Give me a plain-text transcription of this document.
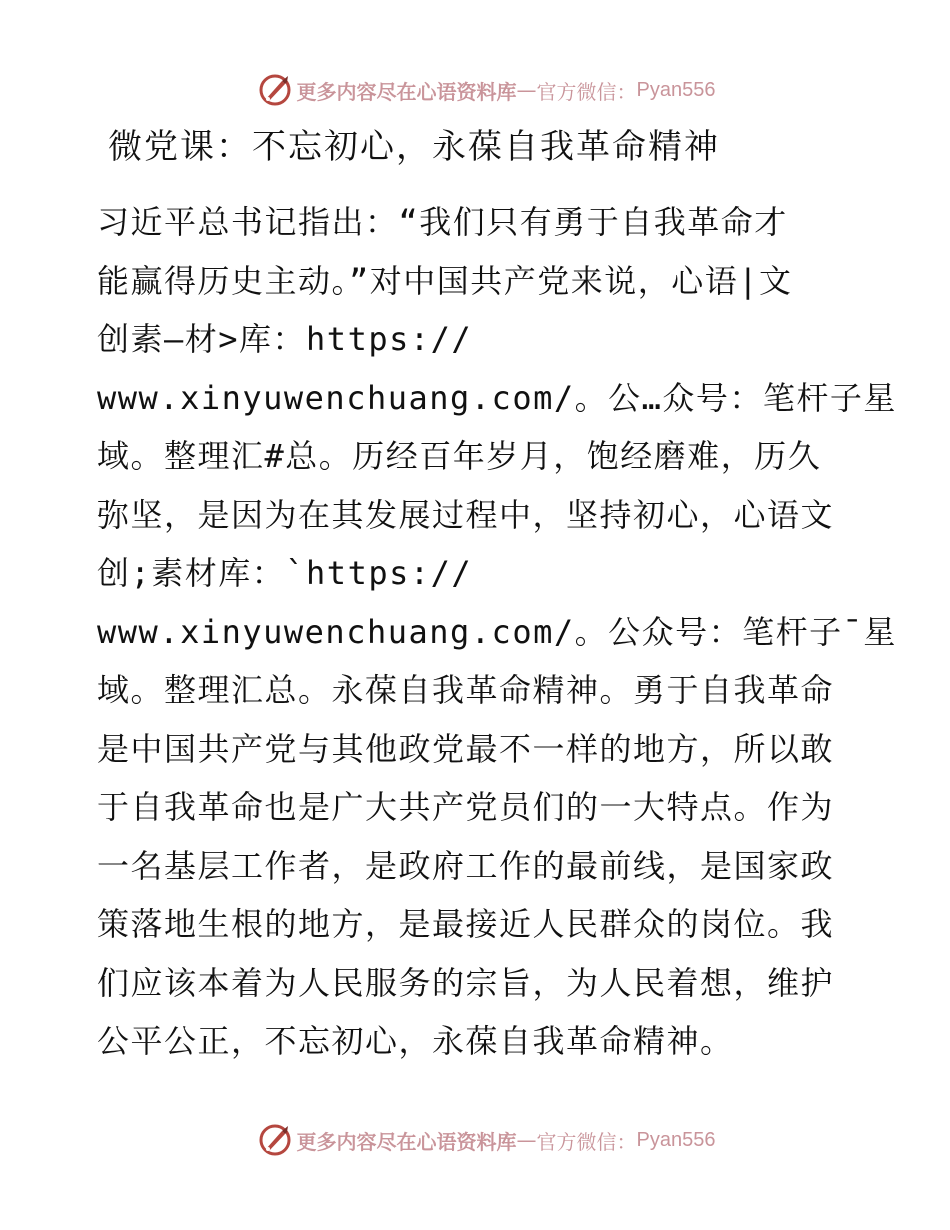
更多内容尽在心语资料库 — 官方微信： Pyan556
微党课：不忘初心，永葆自我革命精神
习近平总书记指出：“我们只有勇于自我革命才
能赢得历史主动。”对中国共产党来说，心语|文
创素—材>库：https://
www.xinyuwenchuang.com/。公…众号：笔杆子星
域。整理汇#总。历经百年岁月，饱经磨难，历久
弥坚，是因为在其发展过程中，坚持初心，心语文
创;素材库：`https://
www.xinyuwenchuang.com/。公众号：笔杆子¯星
域。整理汇总。永葆自我革命精神。勇于自我革命
是中国共产党与其他政党最不一样的地方，所以敢
于自我革命也是广大共产党员们的一大特点。作为
一名基层工作者，是政府工作的最前线，是国家政
策落地生根的地方，是最接近人民群众的岗位。我
们应该本着为人民服务的宗旨，为人民着想，维护
公平公正，不忘初心，永葆自我革命精神。
更多内容尽在心语资料库 — 官方微信： Pyan556
